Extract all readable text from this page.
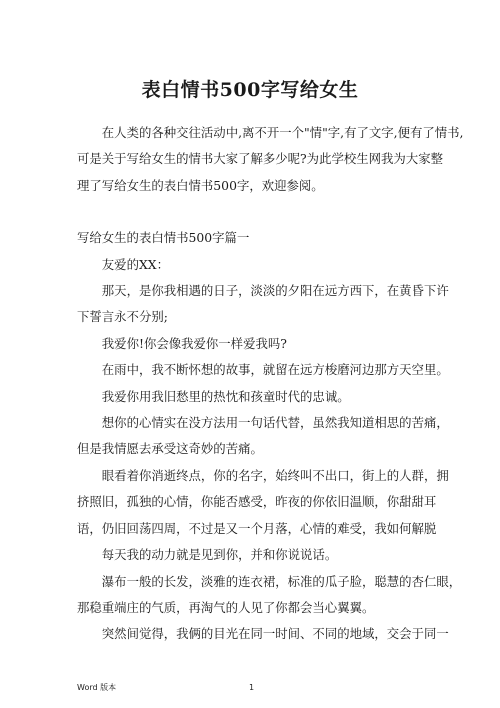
表白情书500字写给女生

在人类的各种交往活动中,离不开一个"情"字,有了文字,便有了情书,
可是关于写给女生的情书大家了解多少呢?为此学校生网我为大家整
理了写给女生的表白情书500字，欢迎参阅。

写给女生的表白情书500字篇一

友爱的XX：

那天，是你我相遇的日子，淡淡的夕阳在远方西下，在黄昏下许
下誓言永不分别;

我爱你!你会像我爱你一样爱我吗?

在雨中，我不断怀想的故事，就留在远方梭磨河边那方天空里。

我爱你用我旧愁里的热忱和孩童时代的忠诚。

想你的心情实在没方法用一句话代替，虽然我知道相思的苦痛，
但是我情愿去承受这奇妙的苦痛。

眼看着你消逝终点，你的名字，始终叫不出口，街上的人群，拥
挤照旧，孤独的心情，你能否感受，昨夜的你依旧温顺，你甜甜耳
语，仍旧回荡四周，不过是又一个月落，心情的难受，我如何解脱

每天我的动力就是见到你，并和你说说话。

瀑布一般的长发，淡雅的连衣裙，标准的瓜子脸，聪慧的杏仁眼，
那稳重端庄的气质，再淘气的人见了你都会当心翼翼。

突然间觉得，我俩的目光在同一时间、不同的地域，交会于同一

Word 版本	1
